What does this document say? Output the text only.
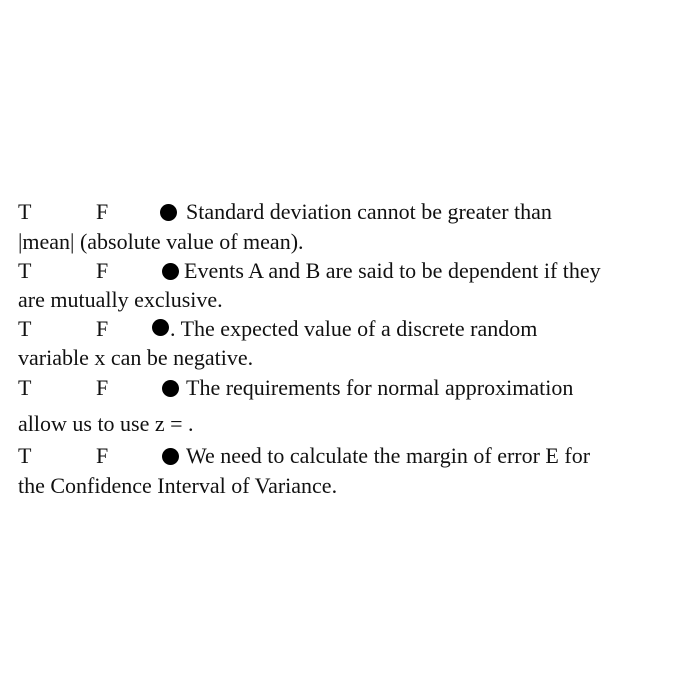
T	F	Standard deviation cannot be greater than
|mean| (absolute value of mean).
T	F	Events A and B are said to be dependent if they
are mutually exclusive.
T	F	. The expected value of a discrete random
variable x can be negative.
T	F	The requirements for normal approximation
allow us to use z = .
T	F	We need to calculate the margin of error E for
the Confidence Interval of Variance.
